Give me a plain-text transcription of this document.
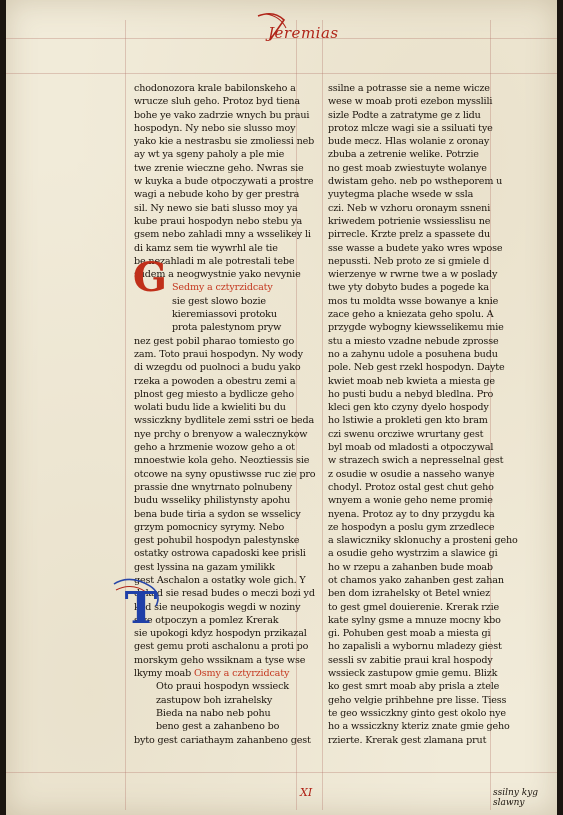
Jeremias
chodonozora krale babilonskeho a
wrucze sluh geho. Protoz byd tiena
bohe ye vako zadrzie wnych bu praui
hospodyn. Ny nebo sie slusso moy
yako kie a nestrasbu sie zmoliessi neb
ay wt ya sgeny paholy a ple mie
twe zrenie wieczne geho. Nwras sie
w kuyka a bude otpoczywati a prostre
wagi a nebude koho by ger prestra
sil. Ny newo sie bati slusso moy ya
kube praui hospodyn nebo stebu ya
gsem nebo zahladi mny a wsselikey li
di kamz sem tie wywrhl ale tie
be nezahladi m ale potrestali tebe
sudem a neogwystnie yako nevynie
Sedmy a cztyrzidcaty
sie gest slowo bozie
kieremiassovi protoku
prota palestynom pryw
nez gest pobil pharao tomiesto go
zam. Toto praui hospodyn. Ny wody
di wzegdu od puolnoci a budu yako
rzeka a powoden a obestru zemi a
plnost geg miesto a bydlicze geho
wolati budu lide a kwieliti bu du
wssiczkny bydlitele zemi sstri oe beda
nye prchy o brenyow a walecznykow
geho a hrzmenie wozow geho a ot
mnoestwie kola geho. Neoztiessis sie
otcowe na syny opustiwsse ruc zie pro
prassie dne wnytrnato polnubeny
budu wsseliky philistynsty apohu
bena bude tiria a sydon se wsselicy
grzym pomocnicy syrymy. Nebo
gest pohubil hospodyn palestynske
ostatky ostrowa capadoski kee prisli
gest lyssina na gazam ymilikk
gest Aschalon a ostatky wole gich. Y
dokad sie resad budes o meczi bozi yd
kad sie neupokogis wegdi w noziny
swe otpoczyn a pomlez Krerak
sie upokogi kdyz hospodyn przikazal
gest gemu proti aschalonu a proti po
morskym geho wssiknam a tyse wse
lkymy moab Osmy a cztyrzidcaty
Oto praui hospodyn wssieck
zastupow boh izrahelsky
Bieda na nabo neb pohu
beno gest a zahanbeno bo
byto gest cariathaym zahanbeno gest
G
T
ssilne a potrasse sie a neme wicze
wese w moab proti ezebon mysslili
sizle Podte a zatratyme ge z lidu
protoz mlcze wagi sie a ssiluati tye
bude mecz. Hlas wolanie z oronay
zbuba a zetrenie welike. Potrzie
no gest moab zwiestuyte wolanye
dwistam geho. neb po wstheporem u
yuytegma plache wsede w ssla
czi. Neb w vzhoru oronaym ssneni
kriwedem potrienie wssiesslisu ne
pirrecle. Krzte prelz a spassete du
sse wasse a budete yako wres wpose
nepussti. Neb proto ze si gmiele d
wierzenye w rwrne twe a w poslady
twe yty dobyto budes a pogede ka
mos tu moldta wsse bowanye a knie
zace geho a kniezata geho spolu. A
przygde wybogny kiewsselikemu mie
stu a miesto vzadne nebude zprosse
no a zahynu udole a posuhena budu
pole. Neb gest rzekl hospodyn. Dayte
kwiet moab neb kwieta a miesta ge
ho pusti budu a nebyd bledlna. Pro
kleci gen kto czyny dyelo hospody
ho lstiwie a prokleti gen kto bram
czi swenu orcziwe wrurtany gest
byl moab od mladosti a otpoczywal
w strazech swich a nepresselnal gest
z osudie w osudie a nasseho wanye
chodyl. Protoz ostal gest chut geho
wnyem a wonie geho neme promie
nyena. Protoz ay to dny przygdu ka
ze hospodyn a poslu gym zrzedlece
a slawiczniky sklonuchy a prosteni geho
a osudie geho wystrzim a slawice gi
ho w rzepu a zahanben bude moab
ot chamos yako zahanben gest zahan
ben dom izrahelsky ot Betel wniez
to gest gmel douierenie. Krerak rzie
kate sylny gsme a mnuze mocny kbo
gi. Pohuben gest moab a miesta gi
ho zapalisli a wybornu mladezy giest
sessli sv zabitie praui kral hospody
wssieck zastupow gmie gemu. Blizk
ko gest smrt moab aby prisla a ztele
geho velgie prihbehne pre lisse. Tiess
te geo wssiczkny ginto gest okolo nye
ho a wssiczkny kteriz znate gmie geho
rzierte. Krerak gest zlamana prut
XI	ssilny kyg slawny
